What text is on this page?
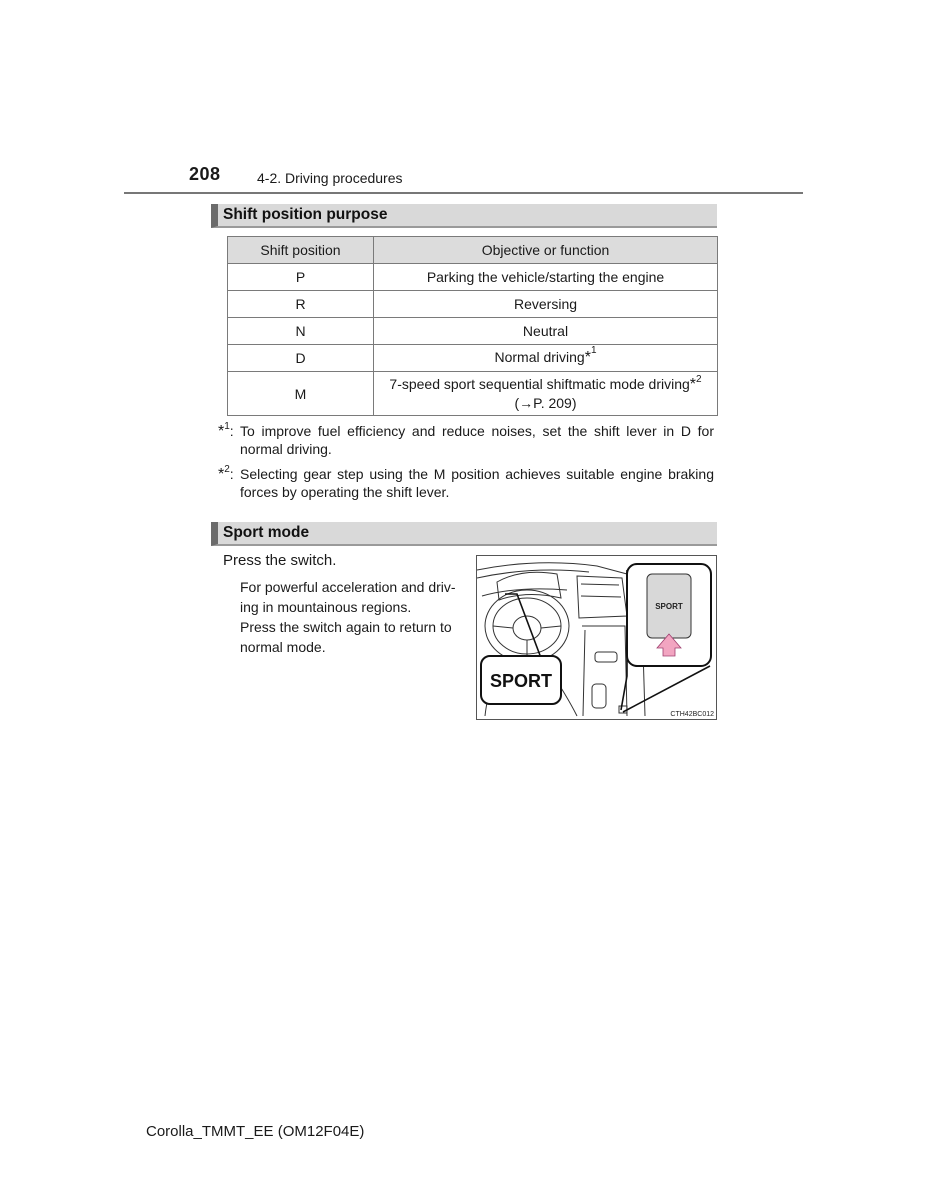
208	4-2. Driving procedures
Shift position purpose
Shift position	Objective or function
P	Parking the vehicle/starting the engine
R	Reversing
N	Neutral
D	Normal driving*$^1$
M	7-speed sport sequential shiftmatic mode driving*$^2$
(→P. 209)
*$^1$: To improve fuel efficiency and reduce noises, set the shift lever in D for normal driving.
*$^2$: Selecting gear step using the M position achieves suitable engine braking forces by operating the shift lever.
Sport mode
Press the switch.
For powerful acceleration and driv-
ing in mountainous regions.
Press the switch again to return to
normal mode.
SPORT
SPORT
CTH42BC012
Corolla_TMMT_EE (OM12F04E)
